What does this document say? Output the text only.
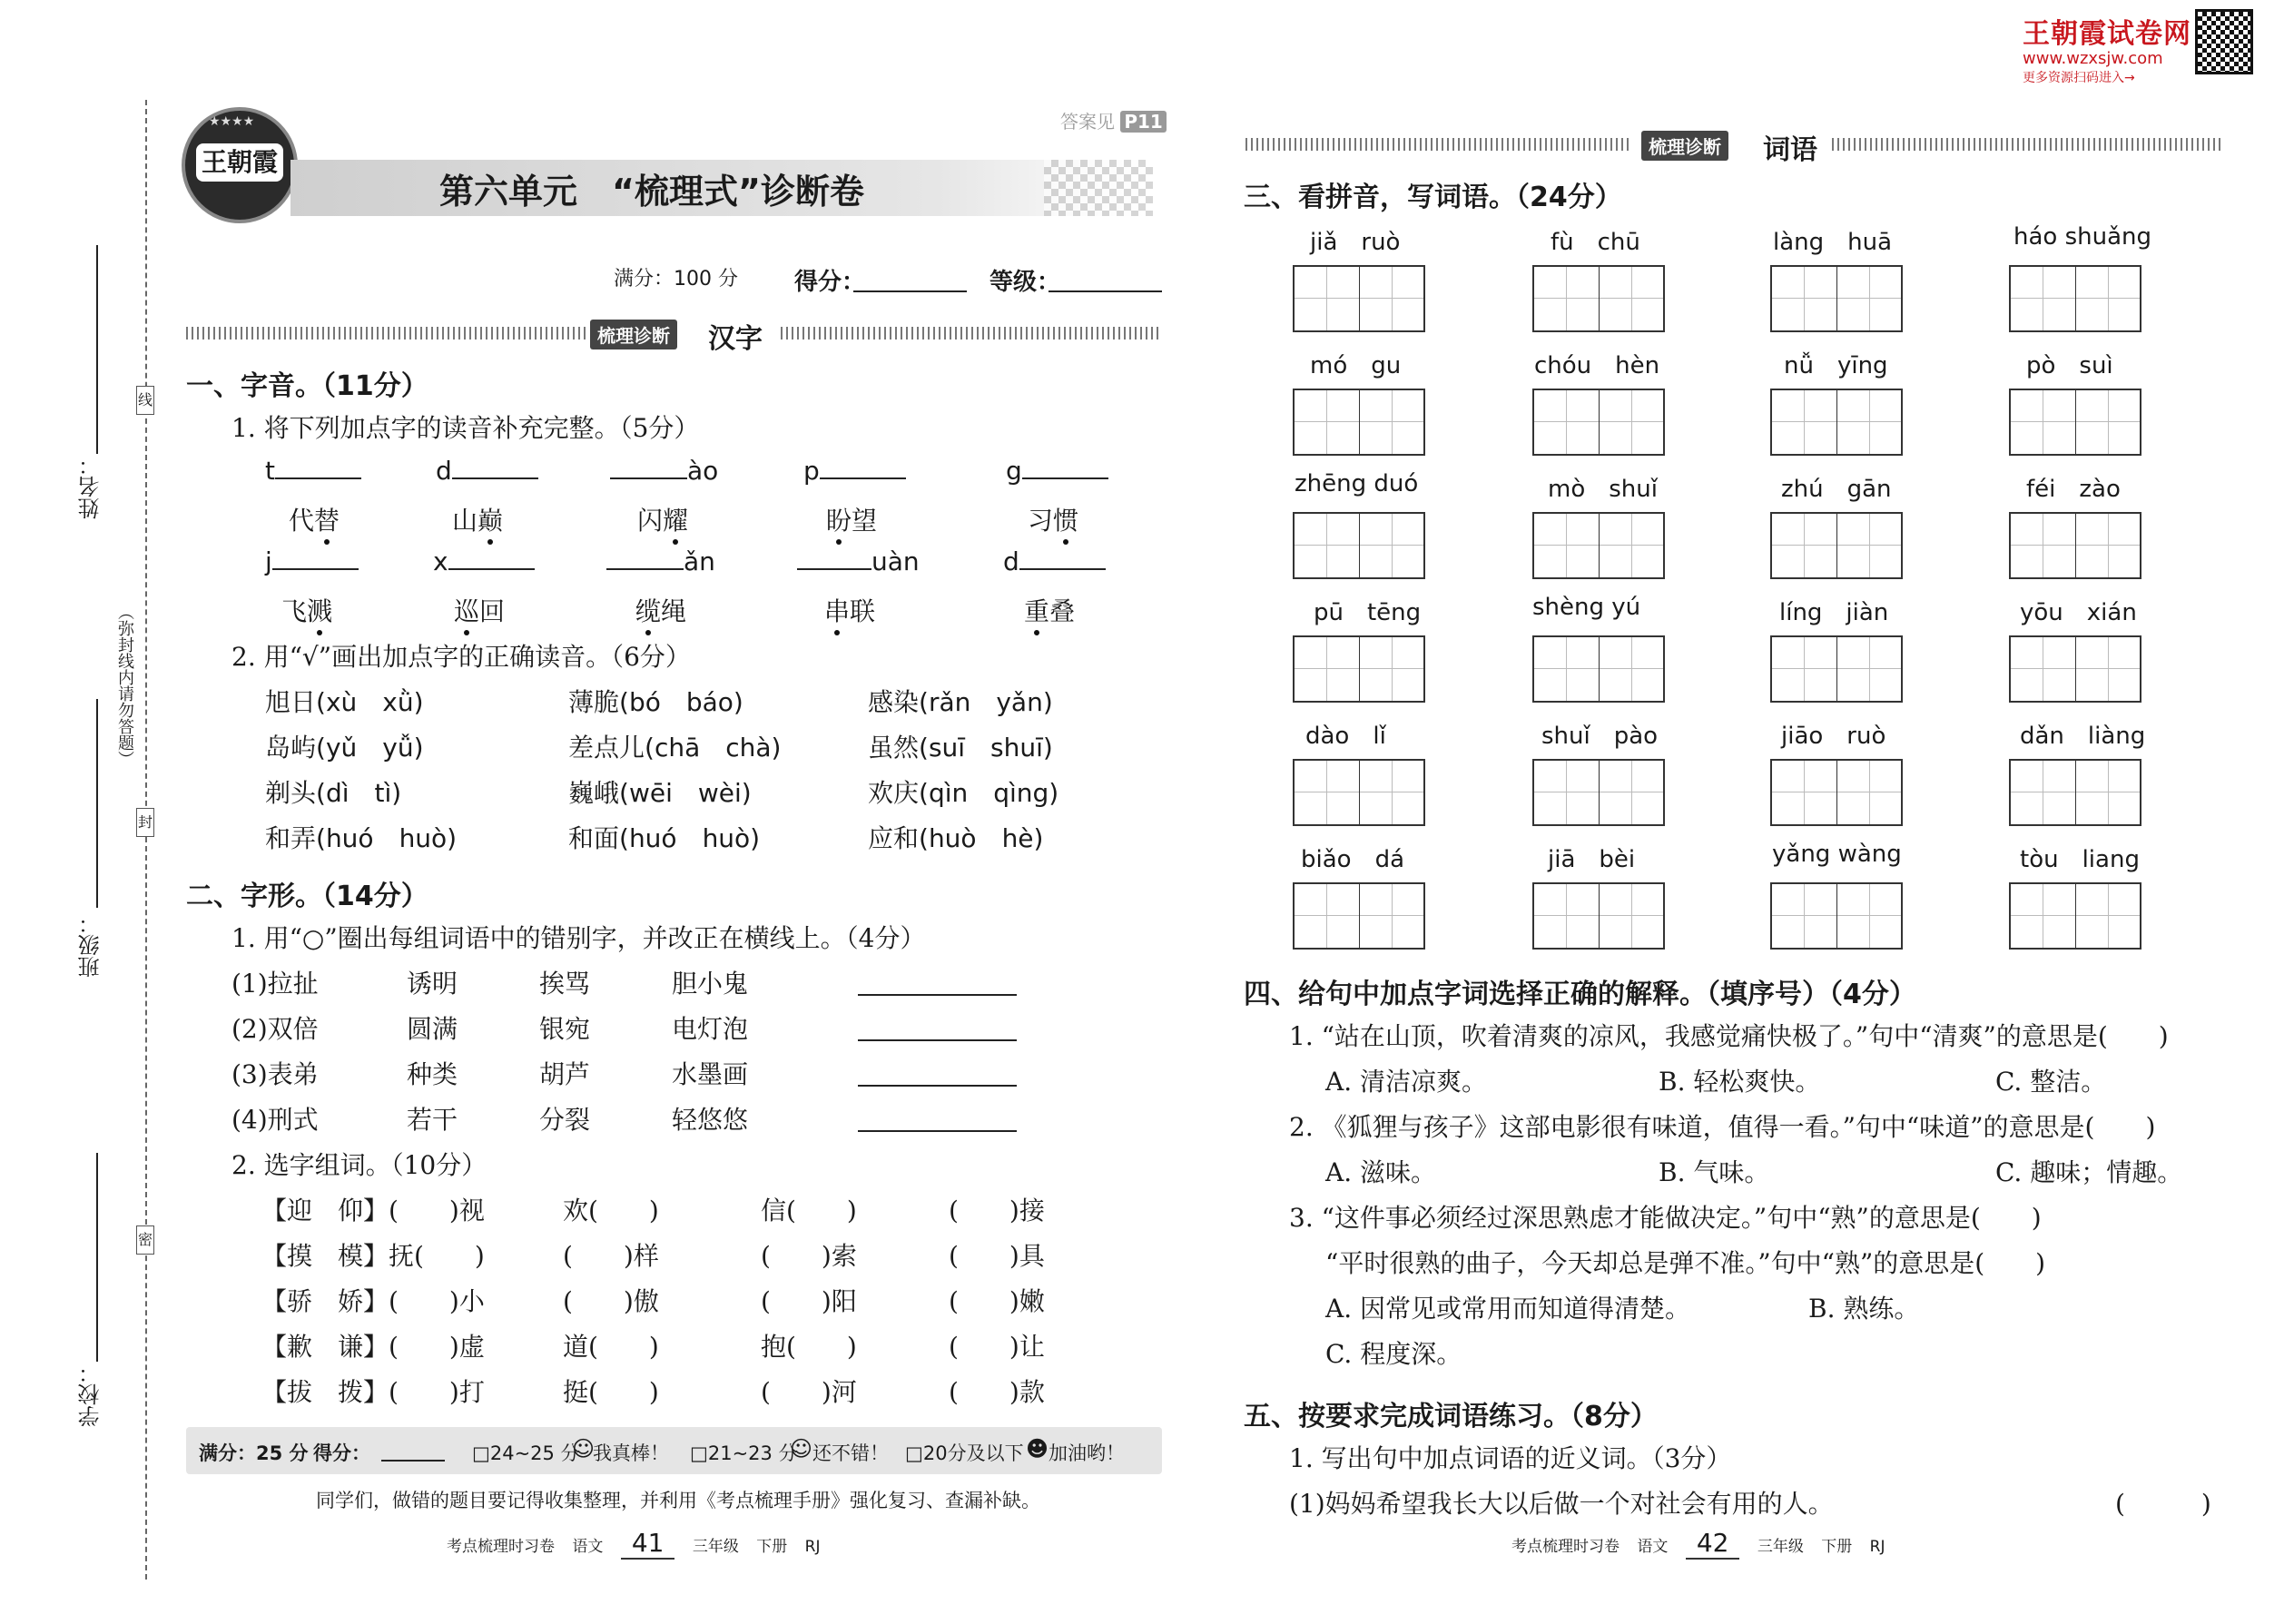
王朝霞试卷网
www.wzxsjw.com
更多资源扫码进入→
线
封
密
（弥封线内请勿答题）
姓名：
班级：
学校：
王朝霞
★★★★
第六单元　“梳理式”诊断卷
答案见 P11
满分：100 分 得分：	等级：
梳理诊断 汉字
一、字音。（11分）
1. 将下列加点字的读音补充完整。（5分）
t	d	ào	p	g
代替	山巅	闪耀	盼望	习惯
j	x	ǎn	uàn	d
飞溅	巡回	缆绳	串联	重叠
2. 用“√”画出加点字的正确读音。（6分）
旭日(xù　xǜ)	薄脆(bó　báo)	感染(rǎn　yǎn)
岛屿(yǔ　yǚ)	差点儿(chā　chà)	虽然(suī　shuī)
剃头(dì　tì)	巍峨(wēi　wèi)	欢庆(qìn　qìng)
和弄(huó　huò)	和面(huó　huò)	应和(huò　hè)
二、字形。（14分）
1. 用“○”圈出每组词语中的错别字，并改正在横线上。（4分）
(1)拉扯	诱明	挨骂	胆小鬼
(2)双倍	圆满	银宛	电灯泡
(3)表弟	种类	胡芦	水墨画
(4)刑式	若干	分裂	轻悠悠
2. 选字组词。（10分）
【迎　仰】(　　)视	欢(　　)	信(　　)	(　　)接
【摸　模】抚(　　)	(　　)样	(　　)索	(　　)具
【骄　娇】(　　)小	(　　)傲	(　　)阳	(　　)嫩
【歉　谦】(　　)虚	道(　　)	抱(　　)	(　　)让
【拔　拨】(　　)打	挺(　　)	(　　)河	(　　)款
满分：25 分 得分：	□24~25 分
☺
我真棒！ □21~23 分
☺ 还不错！ □20分及以下 ☻ 加油哟！
同学们，做错的题目要记得收集整理，并利用《考点梳理手册》强化复习、查漏补缺。
考点梳理时习卷 语文 41 三年级 下册 RJ
梳理诊断 词语
三、看拼音，写词语。（24分）
jiǎ　ruò	fù　chū	làng　huā	háo shuǎng
mó　gu	chóu　hèn	nǚ　yīng	pò　suì
zhēng duó	mò　shuǐ	zhú　gān	féi　zào
pū　tēng	shèng yú	líng　jiàn	yōu　xián
dào　lǐ	shuǐ　pào	jiāo　ruò	dǎn　liàng
biǎo　dá	jiā　bèi	yǎng wàng	tòu　liang
四、给句中加点字词选择正确的解释。（填序号）（4分）
1. “站在山顶，吹着清爽的凉风，我感觉痛快极了。”句中“清爽”的意思是(　　)
A. 清洁凉爽。	B. 轻松爽快。	C. 整洁。
2. 《狐狸与孩子》这部电影很有味道，值得一看。”句中“味道”的意思是(　　)
A. 滋味。	B. 气味。	C. 趣味；情趣。
3. “这件事必须经过深思熟虑才能做决定。”句中“熟”的意思是(　　)
“平时很熟的曲子，今天却总是弹不准。”句中“熟”的意思是(　　)
A. 因常见或常用而知道得清楚。	B. 熟练。
C. 程度深。
五、按要求完成词语练习。（8分）
1. 写出句中加点词语的近义词。（3分）
(1)妈妈希望我长大以后做一个对社会有用的人。	(　　　)
考点梳理时习卷 语文 42 三年级 下册 RJ
